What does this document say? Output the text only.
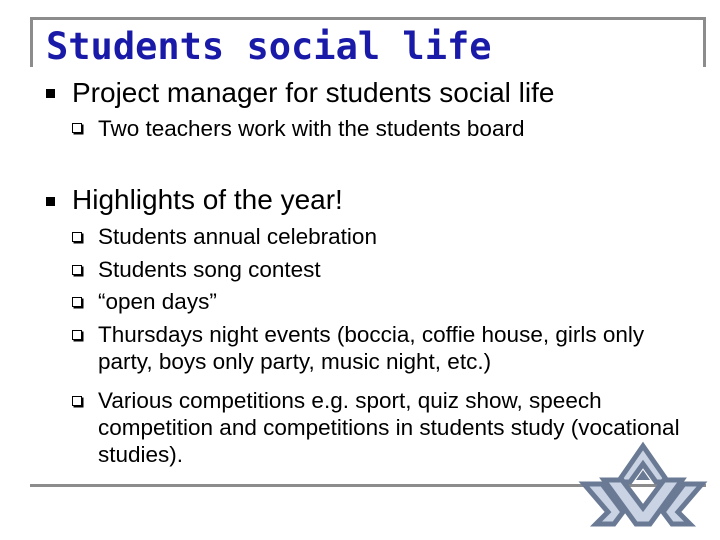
Students social life
Project manager for students social life
Two teachers work with the students board
Highlights of the year!
Students annual celebration
Students song contest
“open days”
Thursdays night events (boccia, coffie house, girls only party, boys only party, music night, etc.)
Various competitions e.g. sport, quiz show, speech competition and competitions in students study (vocational studies).
